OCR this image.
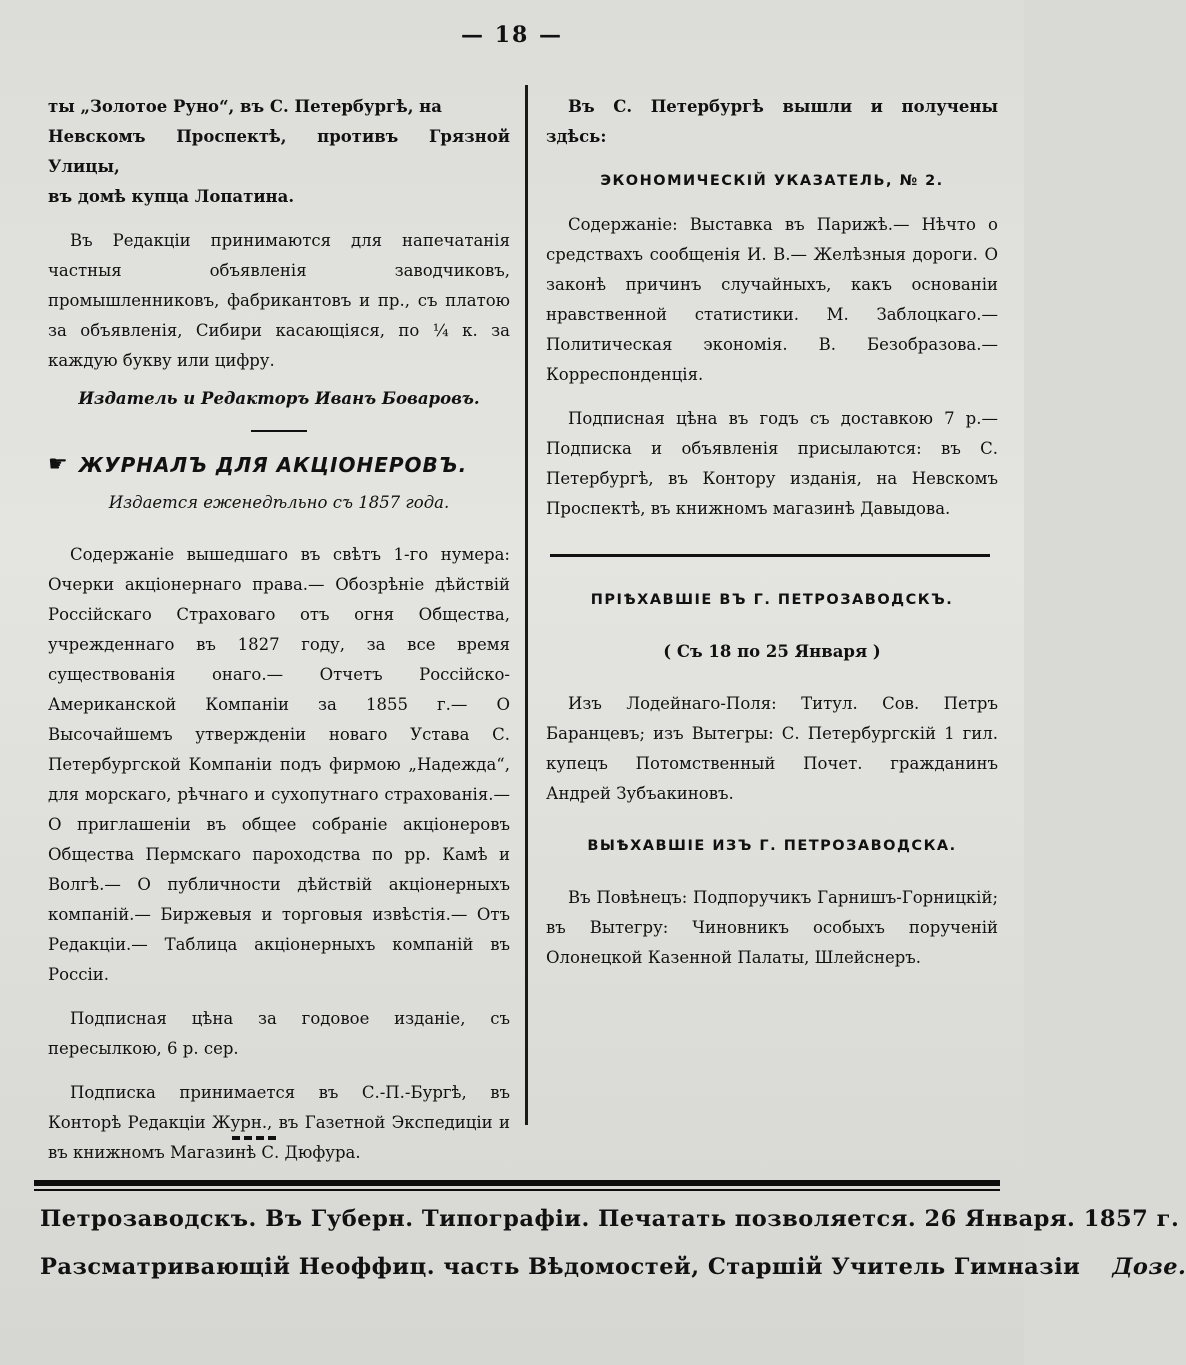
— 18 —

ты „Золотое Руно“, въ С. Петербургѣ, на

Невскомъ Проспектѣ, противъ Грязной Улицы,

въ домѣ купца Лопатина.

Въ Редакціи принимаются для напечатанія частныя объявленія заводчиковъ, промышленниковъ, фабрикантовъ и пр., съ платою за объявленія, Сибири касающіяся, по ¼ к. за каждую букву или цифру.

Издатель и Редакторъ Иванъ Боваровъ.

☛ ЖУРНАЛЪ ДЛЯ АКЦІОНЕРОВЪ.

Издается еженедѣльно съ 1857 года.

Содержаніе вышедшаго въ свѣтъ 1-го нумера: Очерки акціонернаго права.— Обозрѣніе дѣйствій Россійскаго Страховаго отъ огня Общества, учрежденнаго въ 1827 году, за все время существованія онаго.— Отчетъ Россійско-Американской Компаніи за 1855 г.— О Высочайшемъ утвержденіи новаго Устава С. Петербургской Компаніи подъ фирмою „Надежда“, для морскаго, рѣчнаго и сухопутнаго страхованія.— О приглашеніи въ общее собраніе акціонеровъ Общества Пермскаго пароходства по рр. Камѣ и Волгѣ.— О публичности дѣйствій акціонерныхъ компаній.— Биржевыя и торговыя извѣстія.— Отъ Редакціи.— Таблица акціонерныхъ компаній въ Россіи.

Подписная цѣна за годовое изданіе, съ пересылкою, 6 р. сер.

Подписка принимается въ С.-П.-Бургѣ, въ Конторѣ Редакціи Журн., въ Газетной Экспедиціи и въ книжномъ Магазинѣ С. Дюфура.

Въ С. Петербургѣ вышли и получены здѣсь:

ЭКОНОМИЧЕСКІЙ УКАЗАТЕЛЬ, № 2.

Содержаніе: Выставка въ Парижѣ.— Нѣчто о средствахъ сообщенія И. В.— Желѣзныя дороги. О законѣ причинъ случайныхъ, какъ основаніи нравственной статистики. М. Заблоцкаго.— Политическая экономія. В. Безобразова.— Корреспонденція.

Подписная цѣна въ годъ съ доставкою 7 р.— Подписка и объявленія присылаются: въ С. Петербургѣ, въ Контору изданія, на Невскомъ Проспектѣ, въ книжномъ магазинѣ Давыдова.

ПРІѢХАВШІЕ ВЪ Г. ПЕТРОЗАВОДСКЪ.

( Съ 18 по 25 Января )

Изъ Лодейнаго-Поля: Титул. Сов. Петръ Баранцевъ; изъ Вытегры: С. Петербургскій 1 гил. купецъ Потомственный Почет. гражданинъ Андрей Зубъакиновъ.

ВЫѢХАВШІЕ ИЗЪ Г. ПЕТРОЗАВОДСКА.

Въ Повѣнецъ: Подпоручикъ Гарнишъ-Горницкій; въ Вытегру: Чиновникъ особыхъ порученій Олонецкой Казенной Палаты, Шлейснеръ.

Петрозаводскъ. Въ Губерн. Типографіи. Печатать позволяется. 26 Января. 1857 г.
Разсматривающій Неоффиц. часть Вѣдомостей, Старшій Учитель Гимназіи Дозе.
